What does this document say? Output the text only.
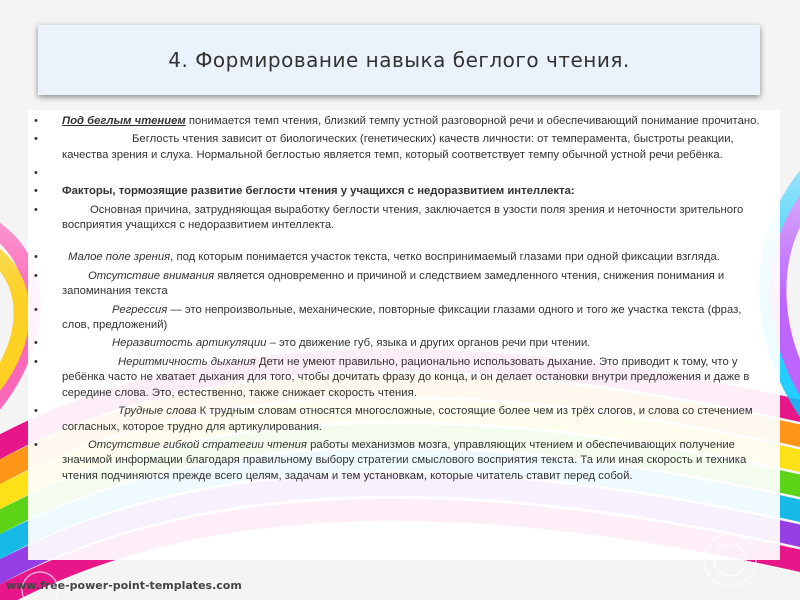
4. Формирование навыка беглого чтения.
• Под беглым чтением понимается темп чтения, близкий темпу устной разговорной речи и обеспечивающий понимание прочитано.
•	Беглость чтения зависит от биологических (генетических) качеств личности: от темперамента, быстроты реакции, качества зрения и слуха. Нормальной беглостью является темп, который соответствует темпу обычной устной речи ребёнка.
•
• Факторы, тормозящие развитие беглости чтения у учащихся с недоразвитием интеллекта:
•	Основная причина, затрудняющая выработку беглости чтения, заключается в узости поля зрения и неточности зрительного восприятия учащихся с недоразвитием интеллекта.
•	Малое поле зрения, под которым понимается участок текста, четко воспринимаемый глазами при одной фиксации взгляда.
•	Отсутствие внимания является одновременно и причиной и следствием замедленного чтения, снижения понимания и запоминания текста
•	Регрессия — это непроизвольные, механические, повторные фиксации глазами одного и того же участка текста (фраз, слов, предложений)
•	Неразвитость артикуляции – это движение губ, языка и других органов речи при чтении.
•	Неритмичность дыхания Дети не умеют правильно, рационально использовать дыхание. Это приводит к тому, что у ребёнка часто не хватает дыхания для того, чтобы дочитать фразу до конца, и он делает остановки внутри предложения и даже в середине слова. Это, естественно, также снижает скорость чтения.
•	Трудные слова К трудным словам относятся многосложные, состоящие более чем из трёх слогов, и слова со стечением согласных, которое трудно для артикулирования.
•	Отсутствие гибкой стратегии чтения работы механизмов мозга, управляющих чтением и обеспечивающих получение значимой информации благодаря правильному выбору стратегии смыслового восприятия текста. Та или иная скорость и техника чтения подчиняются прежде всего целям, задачам и тем установкам, которые читатель ставит перед собой.
www.free-power-point-templates.com
